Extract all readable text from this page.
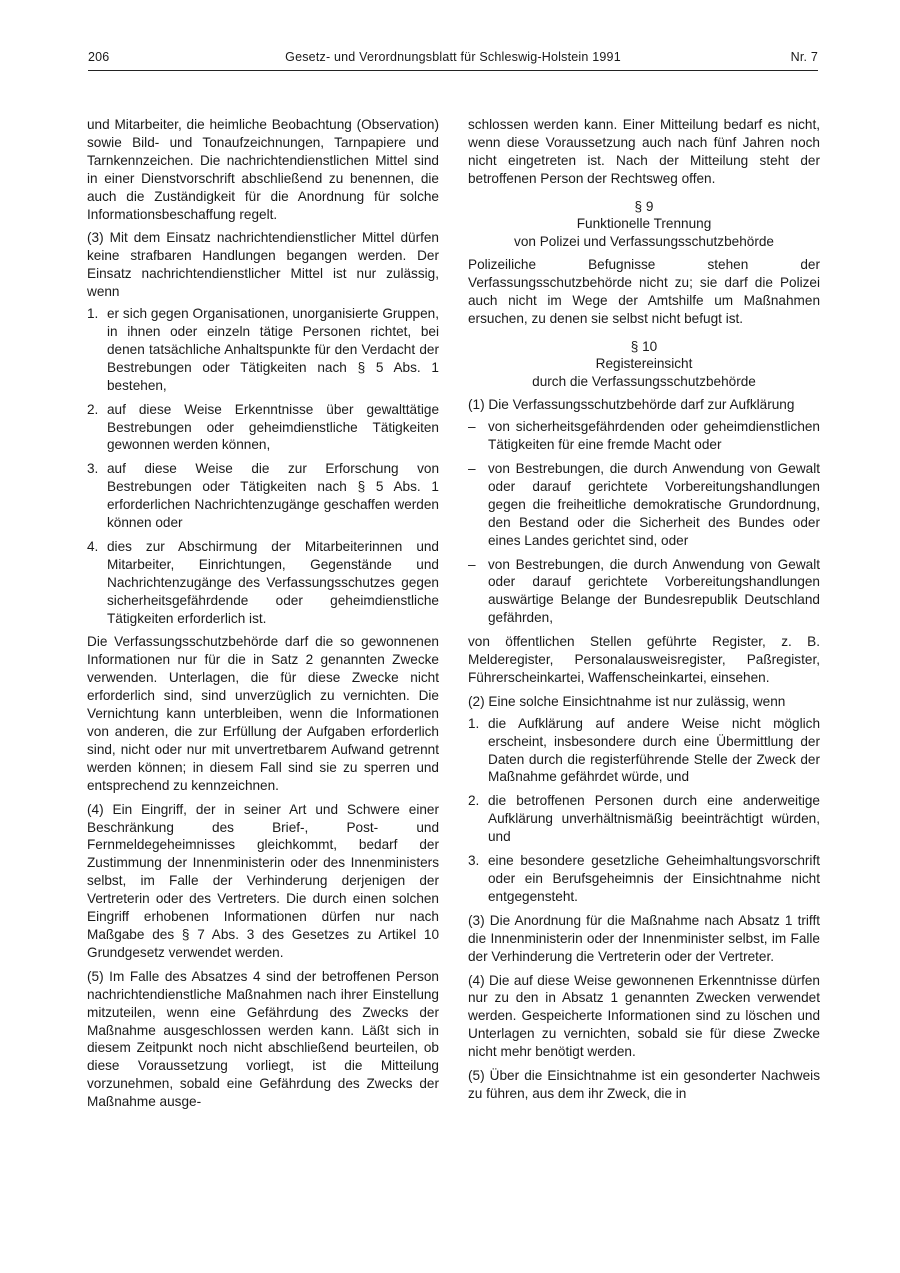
206	Gesetz- und Verordnungsblatt für Schleswig-Holstein 1991	Nr. 7
und Mitarbeiter, die heimliche Beobachtung (Observation) sowie Bild- und Tonaufzeichnungen, Tarnpapiere und Tarnkennzeichen. Die nachrichtendienstlichen Mittel sind in einer Dienstvorschrift abschließend zu benennen, die auch die Zuständigkeit für die Anordnung für solche Informationsbeschaffung regelt.
(3) Mit dem Einsatz nachrichtendienstlicher Mittel dürfen keine strafbaren Handlungen begangen werden. Der Einsatz nachrichtendienstlicher Mittel ist nur zulässig, wenn
1. er sich gegen Organisationen, unorganisierte Gruppen, in ihnen oder einzeln tätige Personen richtet, bei denen tatsächliche Anhaltspunkte für den Verdacht der Bestrebungen oder Tätigkeiten nach § 5 Abs. 1 bestehen,
2. auf diese Weise Erkenntnisse über gewalttätige Bestrebungen oder geheimdienstliche Tätigkeiten gewonnen werden können,
3. auf diese Weise die zur Erforschung von Bestrebungen oder Tätigkeiten nach § 5 Abs. 1 erforderlichen Nachrichtenzugänge geschaffen werden können oder
4. dies zur Abschirmung der Mitarbeiterinnen und Mitarbeiter, Einrichtungen, Gegenstände und Nachrichtenzugänge des Verfassungsschutzes gegen sicherheitsgefährdende oder geheimdienstliche Tätigkeiten erforderlich ist.
Die Verfassungsschutzbehörde darf die so gewonnenen Informationen nur für die in Satz 2 genannten Zwecke verwenden. Unterlagen, die für diese Zwecke nicht erforderlich sind, sind unverzüglich zu vernichten. Die Vernichtung kann unterbleiben, wenn die Informationen von anderen, die zur Erfüllung der Aufgaben erforderlich sind, nicht oder nur mit unvertretbarem Aufwand getrennt werden können; in diesem Fall sind sie zu sperren und entsprechend zu kennzeichnen.
(4) Ein Eingriff, der in seiner Art und Schwere einer Beschränkung des Brief-, Post- und Fernmeldegeheimnisses gleichkommt, bedarf der Zustimmung der Innenministerin oder des Innenministers selbst, im Falle der Verhinderung derjenigen der Vertreterin oder des Vertreters. Die durch einen solchen Eingriff erhobenen Informationen dürfen nur nach Maßgabe des § 7 Abs. 3 des Gesetzes zu Artikel 10 Grundgesetz verwendet werden.
(5) Im Falle des Absatzes 4 sind der betroffenen Person nachrichtendienstliche Maßnahmen nach ihrer Einstellung mitzuteilen, wenn eine Gefährdung des Zwecks der Maßnahme ausgeschlossen werden kann. Läßt sich in diesem Zeitpunkt noch nicht abschließend beurteilen, ob diese Voraussetzung vorliegt, ist die Mitteilung vorzunehmen, sobald eine Gefährdung des Zwecks der Maßnahme ausge-
schlossen werden kann. Einer Mitteilung bedarf es nicht, wenn diese Voraussetzung auch nach fünf Jahren noch nicht eingetreten ist. Nach der Mitteilung steht der betroffenen Person der Rechtsweg offen.
§ 9
Funktionelle Trennung
von Polizei und Verfassungsschutzbehörde
Polizeiliche Befugnisse stehen der Verfassungsschutzbehörde nicht zu; sie darf die Polizei auch nicht im Wege der Amtshilfe um Maßnahmen ersuchen, zu denen sie selbst nicht befugt ist.
§ 10
Registereinsicht
durch die Verfassungsschutzbehörde
(1) Die Verfassungsschutzbehörde darf zur Aufklärung
– von sicherheitsgefährdenden oder geheimdienstlichen Tätigkeiten für eine fremde Macht oder
– von Bestrebungen, die durch Anwendung von Gewalt oder darauf gerichtete Vorbereitungshandlungen gegen die freiheitliche demokratische Grundordnung, den Bestand oder die Sicherheit des Bundes oder eines Landes gerichtet sind, oder
– von Bestrebungen, die durch Anwendung von Gewalt oder darauf gerichtete Vorbereitungshandlungen auswärtige Belange der Bundesrepublik Deutschland gefährden,
von öffentlichen Stellen geführte Register, z. B. Melderegister, Personalausweisregister, Paßregister, Führerscheinkartei, Waffenscheinkartei, einsehen.
(2) Eine solche Einsichtnahme ist nur zulässig, wenn
1. die Aufklärung auf andere Weise nicht möglich erscheint, insbesondere durch eine Übermittlung der Daten durch die registerführende Stelle der Zweck der Maßnahme gefährdet würde, und
2. die betroffenen Personen durch eine anderweitige Aufklärung unverhältnismäßig beeinträchtigt würden, und
3. eine besondere gesetzliche Geheimhaltungsvorschrift oder ein Berufsgeheimnis der Einsichtnahme nicht entgegensteht.
(3) Die Anordnung für die Maßnahme nach Absatz 1 trifft die Innenministerin oder der Innenminister selbst, im Falle der Verhinderung die Vertreterin oder der Vertreter.
(4) Die auf diese Weise gewonnenen Erkenntnisse dürfen nur zu den in Absatz 1 genannten Zwecken verwendet werden. Gespeicherte Informationen sind zu löschen und Unterlagen zu vernichten, sobald sie für diese Zwecke nicht mehr benötigt werden.
(5) Über die Einsichtnahme ist ein gesonderter Nachweis zu führen, aus dem ihr Zweck, die in
